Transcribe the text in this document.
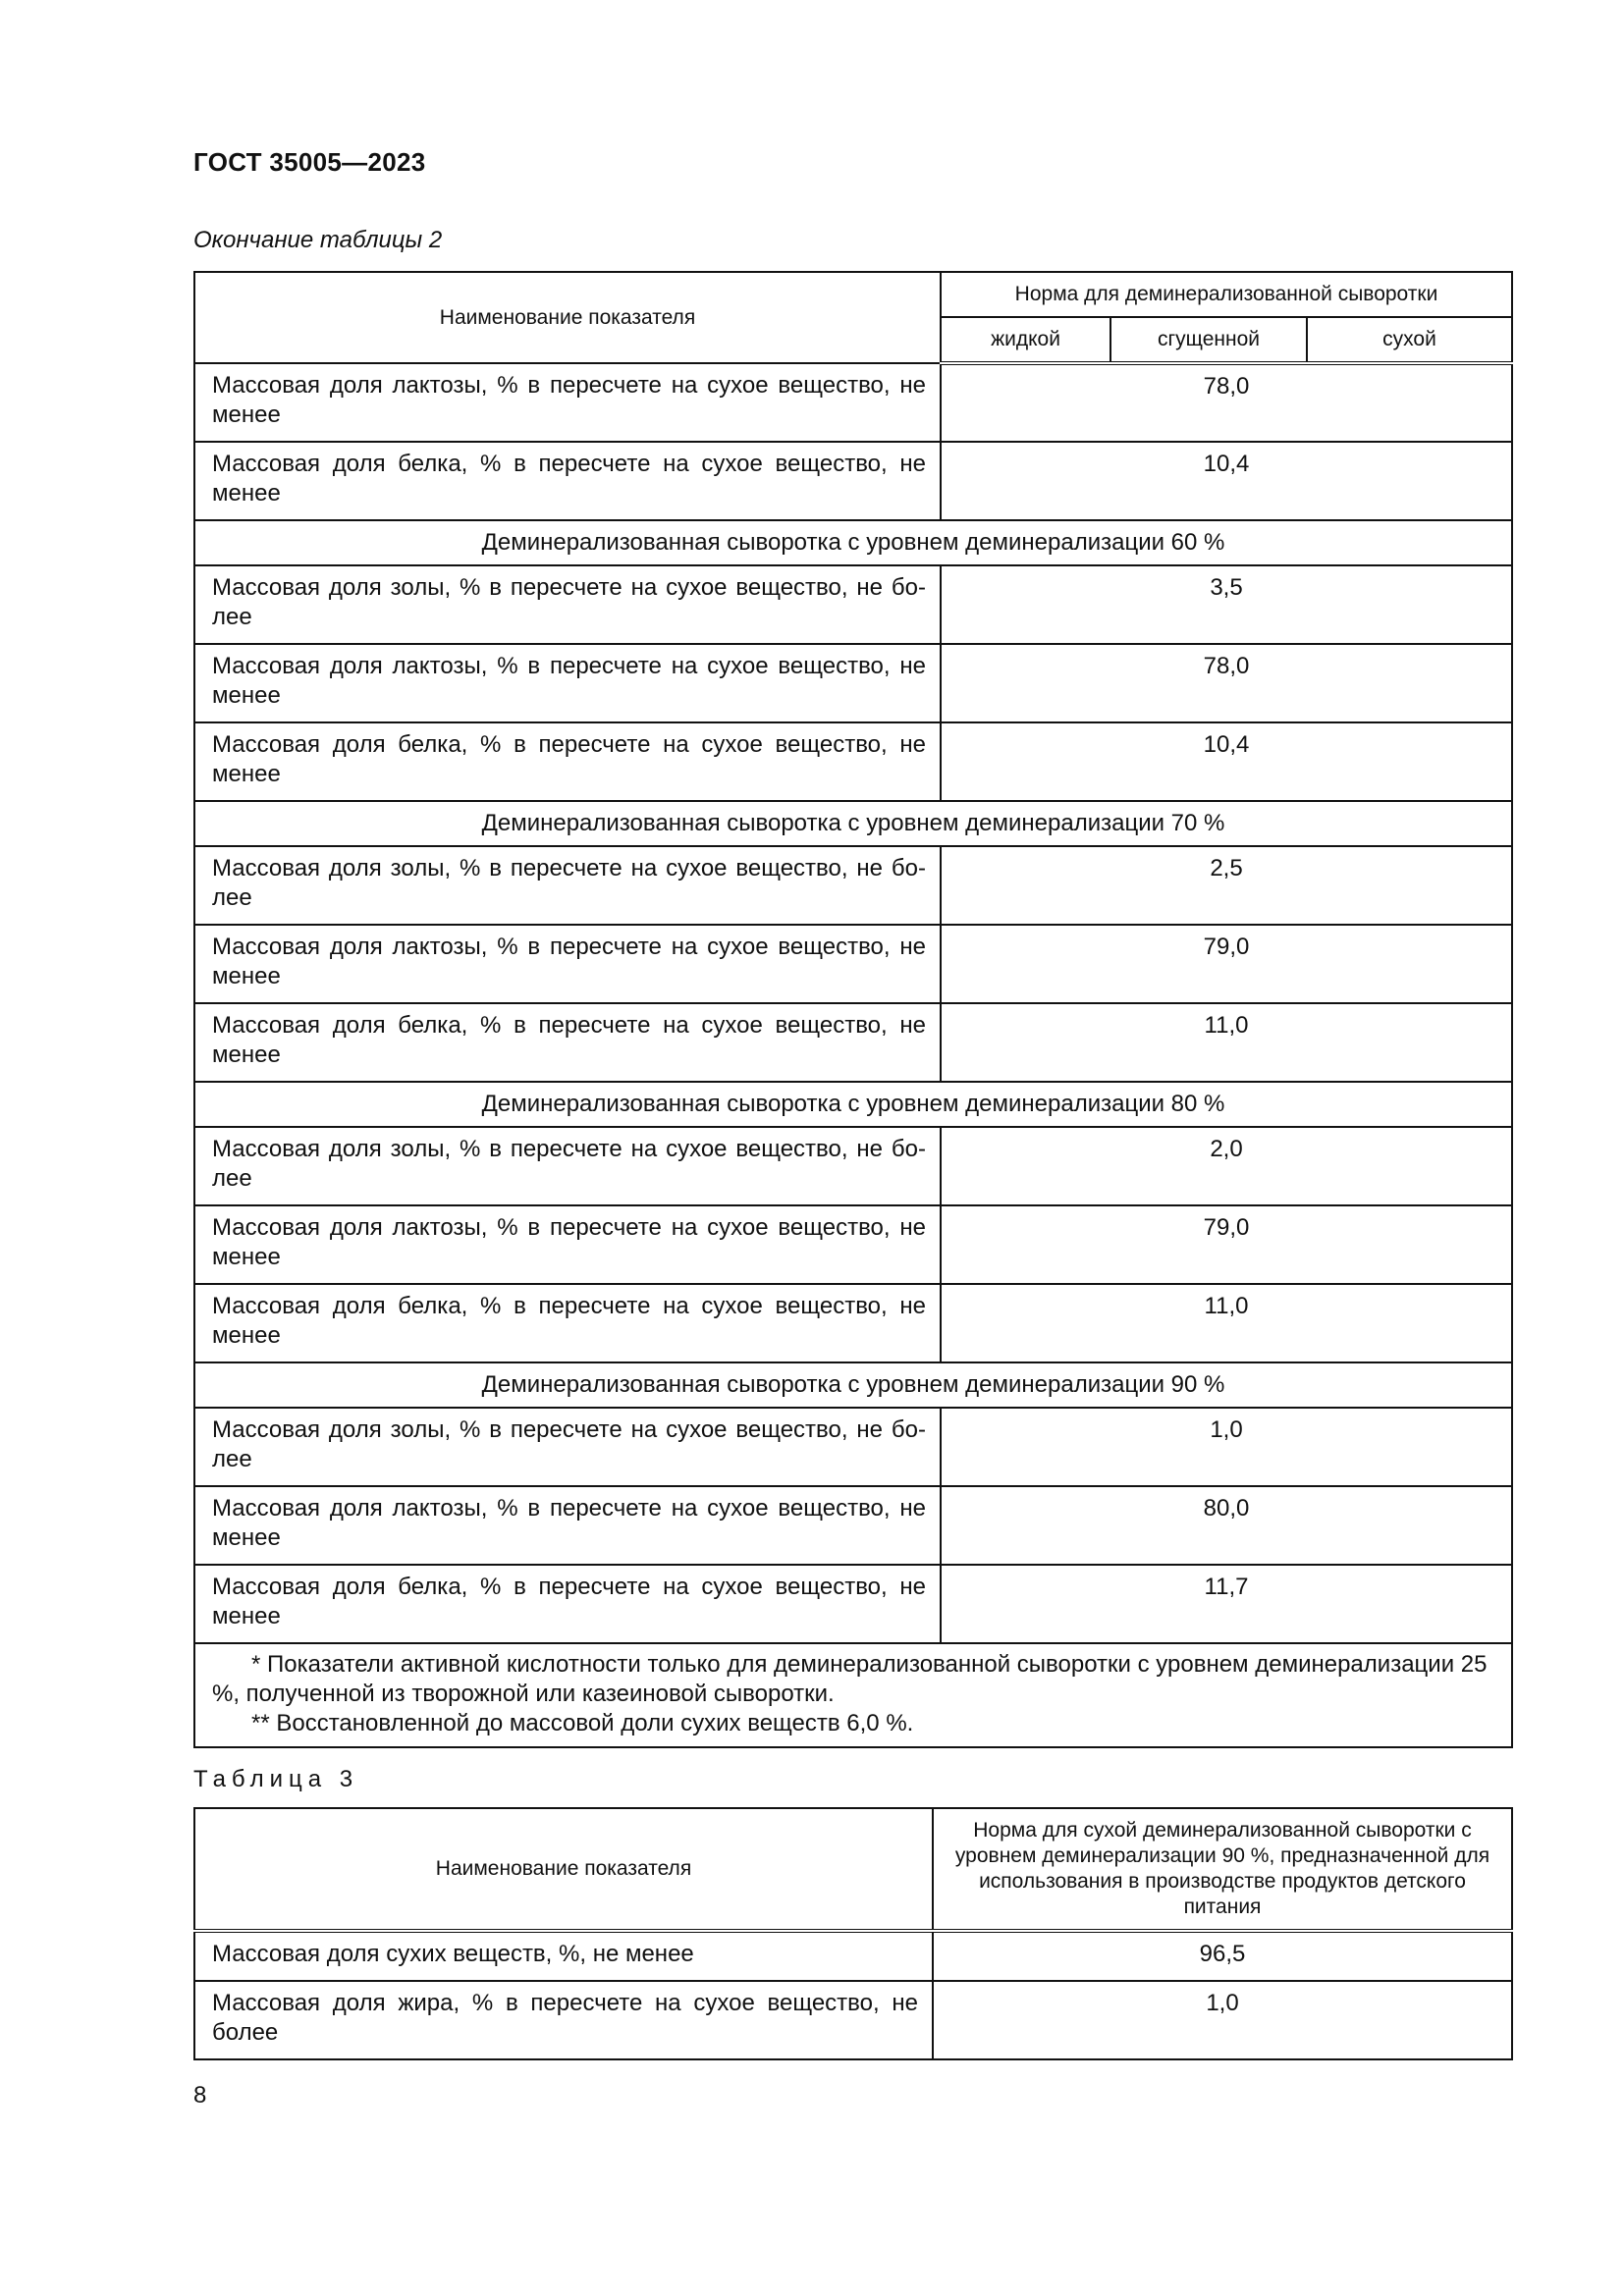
ГОСТ 35005—2023
Окончание таблицы 2
Наименование показателя	Норма для деминерализованной сыворотки		
	жидкой	сгущенной	сухой
Массовая доля лактозы, % в пересчете на сухое вещество, не менее	78,0		
Массовая доля белка, % в пересчете на сухое вещество, не менее	10,4		
Деминерализованная сыворотка с уровнем деминерализации 60 %			
Массовая доля золы, % в пересчете на сухое вещество, не бо-лее	3,5		
Массовая доля лактозы, % в пересчете на сухое вещество, не менее	78,0		
Массовая доля белка, % в пересчете на сухое вещество, не менее	10,4		
Деминерализованная сыворотка с уровнем деминерализации 70 %			
Массовая доля золы, % в пересчете на сухое вещество, не бо-лее	2,5		
Массовая доля лактозы, % в пересчете на сухое вещество, не менее	79,0		
Массовая доля белка, % в пересчете на сухое вещество, не менее	11,0		
Деминерализованная сыворотка с уровнем деминерализации 80 %			
Массовая доля золы, % в пересчете на сухое вещество, не бо-лее	2,0		
Массовая доля лактозы, % в пересчете на сухое вещество, не менее	79,0		
Массовая доля белка, % в пересчете на сухое вещество, не менее	11,0		
Деминерализованная сыворотка с уровнем деминерализации 90 %			
Массовая доля золы, % в пересчете на сухое вещество, не бо-лее	1,0		
Массовая доля лактозы, % в пересчете на сухое вещество, не менее	80,0		
Массовая доля белка, % в пересчете на сухое вещество, не менее	11,7		

* Показатели активной кислотности только для деминерализованной сыворотки с уровнем деминерализации 25 %, полученной из творожной или казеиновой сыворотки.
** Восстановленной до массовой доли сухих веществ 6,0 %.			
Таблица 3
Наименование показателя	Норма для сухой деминерализованной сыворотки с уровнем деминерализации 90 %, предназначенной для использования в производстве продуктов детского питания
Массовая доля сухих веществ, %, не менее	96,5
Массовая доля жира, % в пересчете на сухое вещество, не более	1,0
8
